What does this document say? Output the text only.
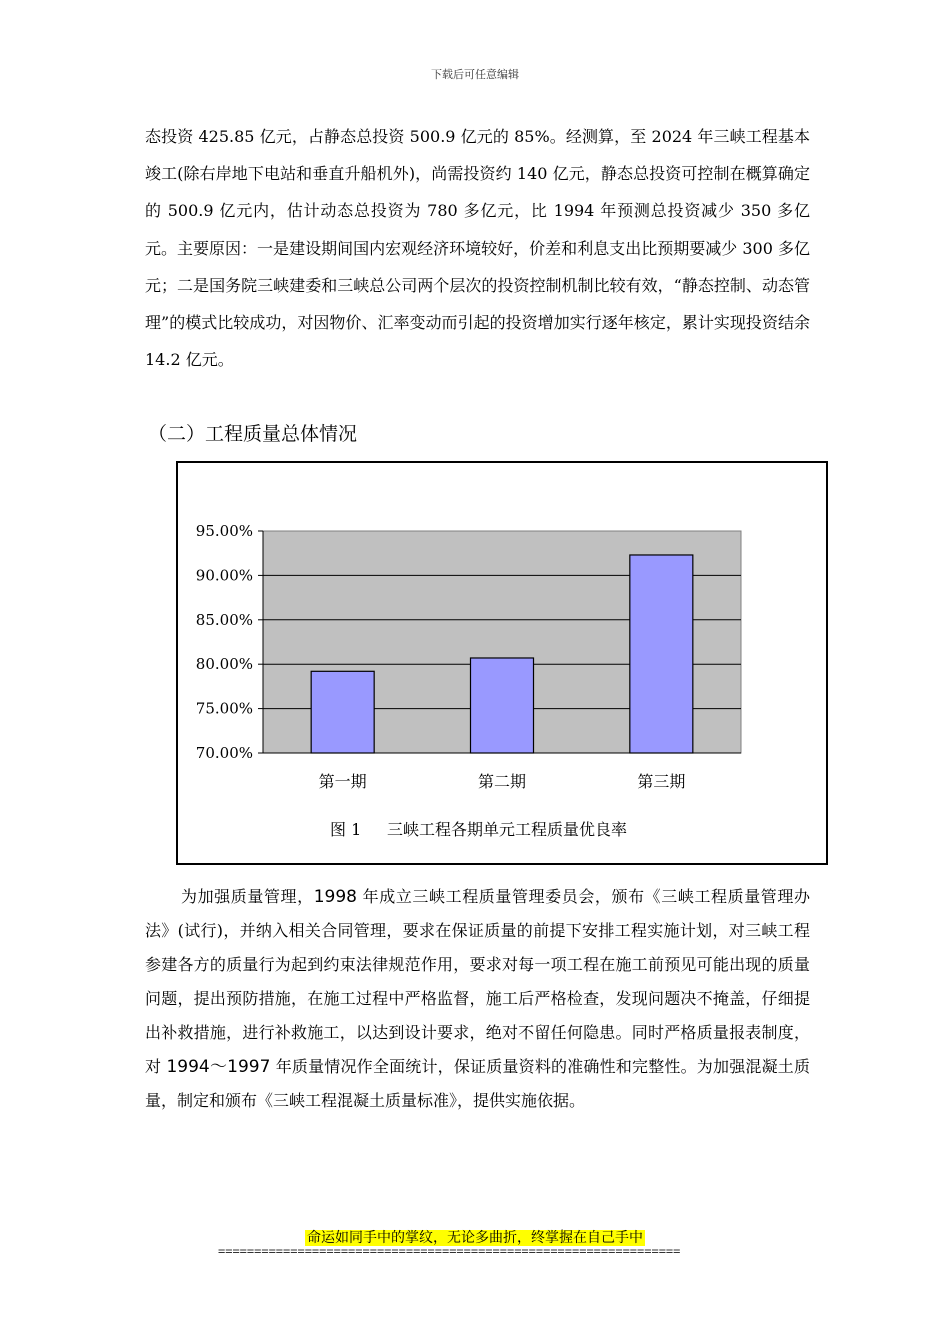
下载后可任意编辑

态投资 425.85 亿元，占静态总投资 500.9 亿元的 85%。经测算，至 2024 年三峡工程基本竣工(除右岸地下电站和垂直升船机外)，尚需投资约 140 亿元，静态总投资可控制在概算确定的 500.9 亿元内，估计动态总投资为 780 多亿元，比 1994 年预测总投资减少 350 多亿元。主要原因：一是建设期间国内宏观经济环境较好，价差和利息支出比预期要减少 300 多亿元；二是国务院三峡建委和三峡总公司两个层次的投资控制机制比较有效，“静态控制、动态管理”的模式比较成功，对因物价、汇率变动而引起的投资增加实行逐年核定，累计实现投资结余 14.2 亿元。

（二）工程质量总体情况
70.00%
75.00%
80.00%
85.00%
90.00%
95.00%
第一期	第二期	第三期
图 1 三峡工程各期单元工程质量优良率

为加强质量管理，1998 年成立三峡工程质量管理委员会，颁布《三峡工程质量管理办法》(试行)，并纳入相关合同管理，要求在保证质量的前提下安排工程实施计划，对三峡工程参建各方的质量行为起到约束法律规范作用，要求对每一项工程在施工前预见可能出现的质量问题，提出预防措施，在施工过程中严格监督，施工后严格检查，发现问题决不掩盖，仔细提出补救措施，进行补救施工，以达到设计要求，绝对不留任何隐患。同时严格质量报表制度，对 1994～1997 年质量情况作全面统计，保证质量资料的准确性和完整性。为加强混凝土质量，制定和颁布《三峡工程混凝土质量标准》，提供实施依据。

命运如同手中的掌纹，无论多曲折，终掌握在自己手中
================================================================
